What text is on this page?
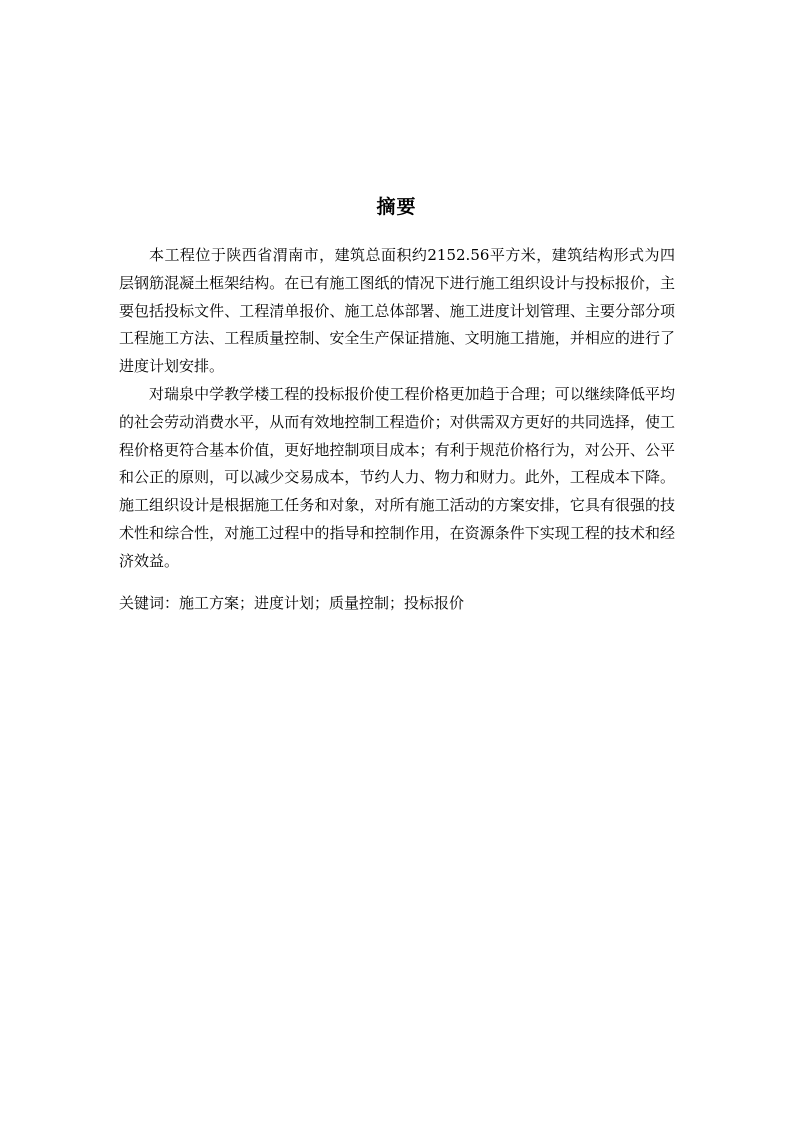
摘要

本工程位于陕西省渭南市，建筑总面积约2152.56平方米，建筑结构形式为四层钢筋混凝土框架结构。在已有施工图纸的情况下进行施工组织设计与投标报价，主要包括投标文件、工程清单报价、施工总体部署、施工进度计划管理、主要分部分项工程施工方法、工程质量控制、安全生产保证措施、文明施工措施，并相应的进行了进度计划安排。

对瑞泉中学教学楼工程的投标报价使工程价格更加趋于合理；可以继续降低平均的社会劳动消费水平，从而有效地控制工程造价；对供需双方更好的共同选择，使工程价格更符合基本价值，更好地控制项目成本；有利于规范价格行为，对公开、公平和公正的原则，可以减少交易成本，节约人力、物力和财力。此外，工程成本下降。施工组织设计是根据施工任务和对象，对所有施工活动的方案安排，它具有很强的技术性和综合性，对施工过程中的指导和控制作用，在资源条件下实现工程的技术和经济效益。

关键词：施工方案；进度计划；质量控制；投标报价
